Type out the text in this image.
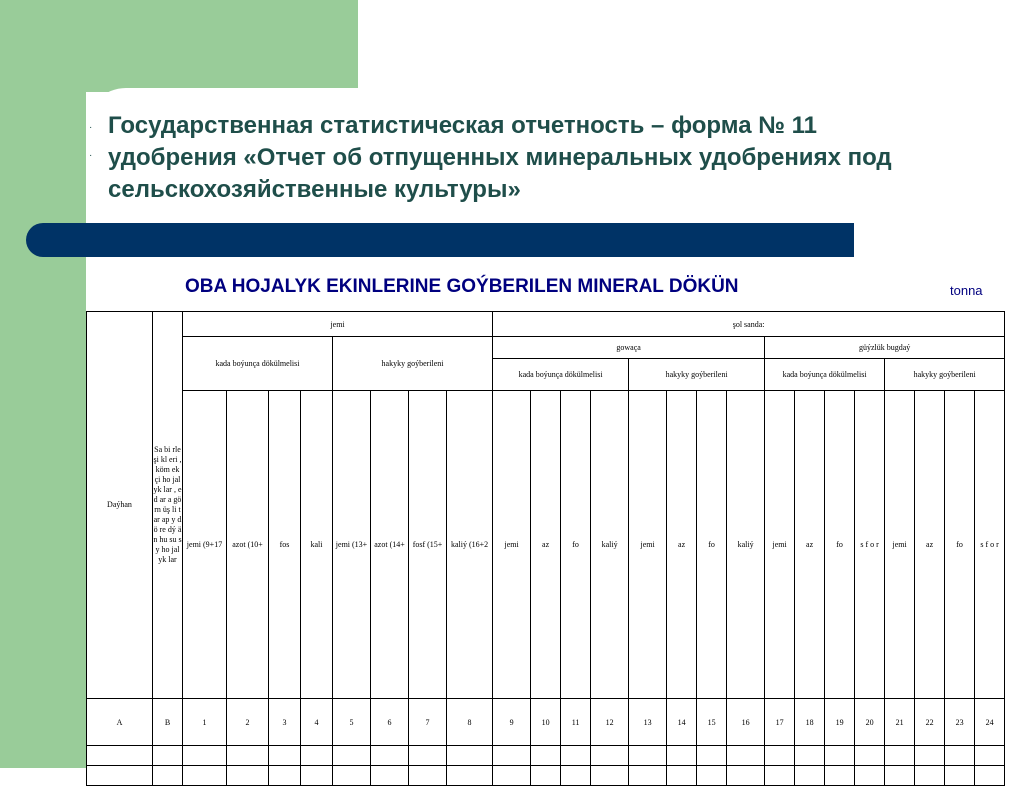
·
·
Государственная статистическая отчетность – форма № 11 удобрения «Отчет об отпущенных минеральных удобрениях под сельскохозяйственные культуры»
OBA HOJALYK EKINLERINE GOÝBERILEN MINERAL DÖKÜN	tonna
Daýhan	Sa bi rle şi kl eri , köm ek çi ho jal yk lar , ed ar a gö rn üş li tar ap y dö re dý än hu su sy ho jal yk lar	jemi								şol sanda:															
		kada boýunça dökülmelisi				hakyky goýberileni				gowaça								güýzlük bugdaý							
										kada boýunça dökülmelisi				hakyky goýberileni				kada boýunça dökülmelisi				hakyky goýberileni			
		jemi (9+17	azot (10+	fos	kali	jemi (13+	azot (14+	fosf (15+	kaliý (16+2	jemi	az	fo	kaliý	jemi	az	fo	kaliý	jemi	az	fo	s f o r	jemi	az	fo	s f o r
A	B	1	2	3	4	5	6	7	8	9	10	11	12	13	14	15	16	17	18	19	20	21	22	23	24
